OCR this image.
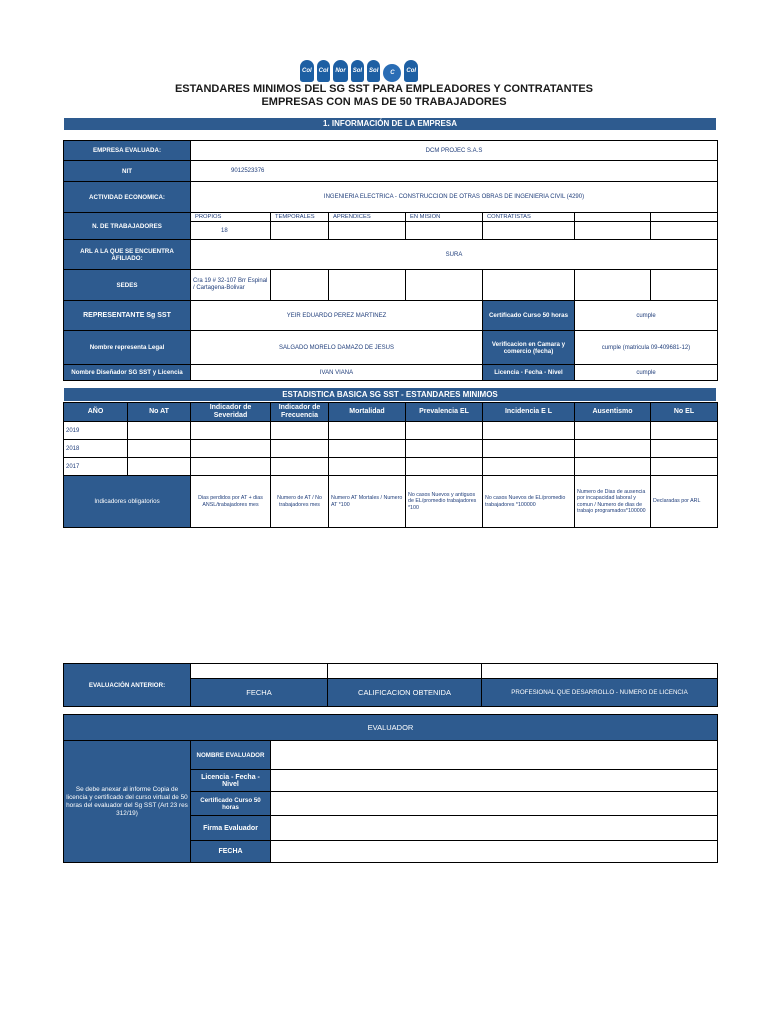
Col	Col	Nor	Sol	Sol	C	Col
ESTANDARES MINIMOS DEL SG SST PARA EMPLEADORES Y CONTRATANTES
EMPRESAS CON MAS DE 50 TRABAJADORES
1. INFORMACIÓN DE LA EMPRESA
EMPRESA EVALUADA:	DCM PROJEC S.A.S						
NIT	9012523376						
ACTIVIDAD ECONOMICA:	INGENIERIA ELECTRICA - CONSTRUCCION DE OTRAS OBRAS DE INGENIERIA CIVIL (4290)						
N. DE TRABAJADORES	PROPIOS	TEMPORALES	APRENDICES	EN MISION	CONTRATISTAS		
	18						
ARL A LA QUE SE ENCUENTRA AFILIADO:	SURA						
SEDES	Cra 19 # 32-107 Brr Espinal / Cartagena-Bolivar						
REPRESENTANTE Sg SST	YEIR EDUARDO PEREZ MARTINEZ				Certificado Curso 50 horas	cumple	
Nombre representa Legal	SALGADO MORELO DAMAZO DE JESUS				Verificacion en Camara y comercio (fecha)	cumple (matricula 09-409681-12)	
Nombre Diseñador SG SST y Licencia	IVAN VIANA				Licencia - Fecha - Nivel	cumple	
ESTADISTICA BASICA SG SST - ESTANDARES MINIMOS
AÑO	No AT	Indicador de Severidad	Indicador de Frecuencia	Mortalidad	Prevalencia EL	Incidencia E L	Ausentismo	No EL
2019								
2018								
2017								
Indicadores obligatorios		Dias perdidos por AT + dias ANSL/trabajadores mes	Numero de AT / No trabajadores mes	Numero AT Mortales / Numero AT *100	No casos Nuevos y antiguos de EL/promedio trabajadores *100	No casos Nuevos de EL/promedio trabajadores *100000	Numero de Dias de ausencia por incapacidad laboral y comun / Numero de dias de trabajo programados*100000	Declaradas por ARL
EVALUACIÓN ANTERIOR:			
	FECHA	CALIFICACION OBTENIDA	PROFESIONAL QUE DESARROLLO - NUMERO DE LICENCIA
EVALUADOR		
Se debe anexar al informe Copia de licencia y certificado del curso virtual de 50 horas del evaluador del Sg SST (Art 23 res 312/19)	NOMBRE EVALUADOR	
	Licencia - Fecha - Nivel	
	Certificado Curso 50 horas	
	Firma Evaluador	
	FECHA	
